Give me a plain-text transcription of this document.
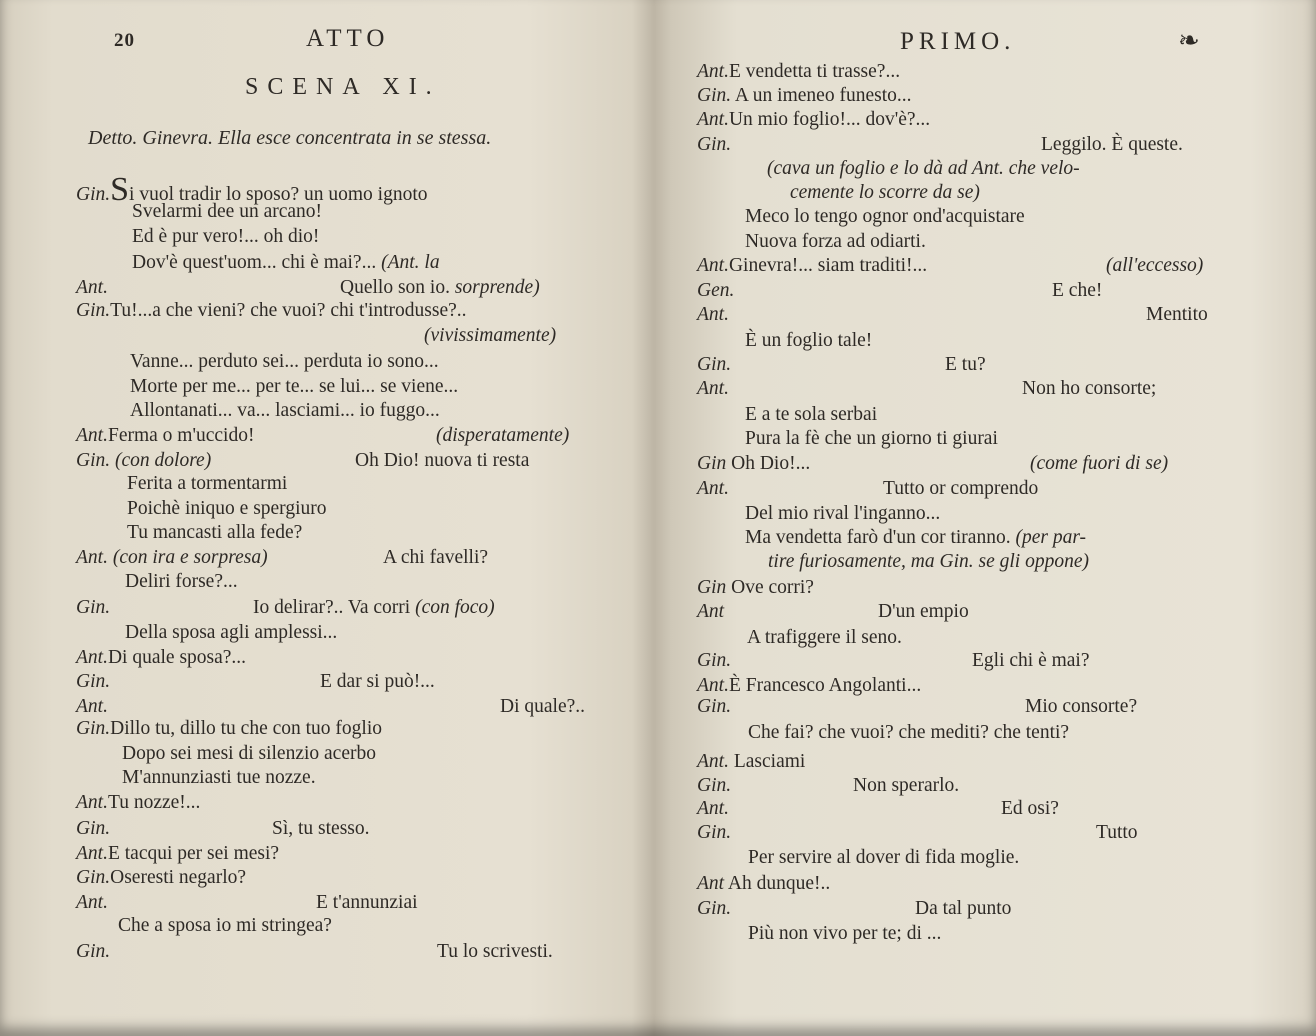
20	ATTO
SCENA XI.
Detto. Ginevra. Ella esce concentrata in se stessa.
Gin.Si vuol tradir lo sposo? un uomo ignoto
Svelarmi dee un arcano!
Ed è pur vero!... oh dio!
Dov'è quest'uom... chi è mai?... (Ant. la
Ant.	Quello son io. sorprende)
Gin.Tu!...a che vieni? che vuoi? chi t'introdusse?..
(vivissimamente)
Vanne... perduto sei... perduta io sono...
Morte per me... per te... se lui... se viene...
Allontanati... va... lasciami... io fuggo...
Ant.Ferma o m'uccido!	(disperatamente)
Gin. (con dolore)	Oh Dio! nuova ti resta
Ferita a tormentarmi
Poichè iniquo e spergiuro
Tu mancasti alla fede?
Ant. (con ira e sorpresa)	A chi favelli?
Deliri forse?...
Gin.	Io delirar?.. Va corri (con foco)
Della sposa agli amplessi...
Ant.Di quale sposa?...
Gin.	E dar si può!...
Ant.	Di quale?..
Gin.Dillo tu, dillo tu che con tuo foglio
Dopo sei mesi di silenzio acerbo
M'annunziasti tue nozze.
Ant.Tu nozze!...
Gin.	Sì, tu stesso.
Ant.E tacqui per sei mesi?
Gin.Oseresti negarlo?
Ant.	E t'annunziai
Che a sposa io mi stringea?
Gin.	Tu lo scrivesti.
PRIMO.	❧
Ant.E vendetta ti trasse?...
Gin. A un imeneo funesto...
Ant.Un mio foglio!... dov'è?...
Gin.	Leggilo. È queste.
(cava un foglio e lo dà ad Ant. che velo-
cemente lo scorre da se)
Meco lo tengo ognor ond'acquistare
Nuova forza ad odiarti.
Ant.Ginevra!... siam traditi!...	(all'eccesso)
Gen.	E che!
Ant.	Mentito
È un foglio tale!
Gin.	E tu?
Ant.	Non ho consorte;
E a te sola serbai
Pura la fè che un giorno ti giurai
Gin Oh Dio!...	(come fuori di se)
Ant.	Tutto or comprendo
Del mio rival l'inganno...
Ma vendetta farò d'un cor tiranno. (per par-
tire furiosamente, ma Gin. se gli oppone)
Gin Ove corri?
Ant	D'un empio
A trafiggere il seno.
Gin.	Egli chi è mai?
Ant.È Francesco Angolanti...
Gin.	Mio consorte?
Che fai? che vuoi? che mediti? che tenti?
Ant. Lasciami
Gin.	Non sperarlo.
Ant.	Ed osi?
Gin.	Tutto
Per servire al dover di fida moglie.
Ant Ah dunque!..
Gin.	Da tal punto
Più non vivo per te; di ...
